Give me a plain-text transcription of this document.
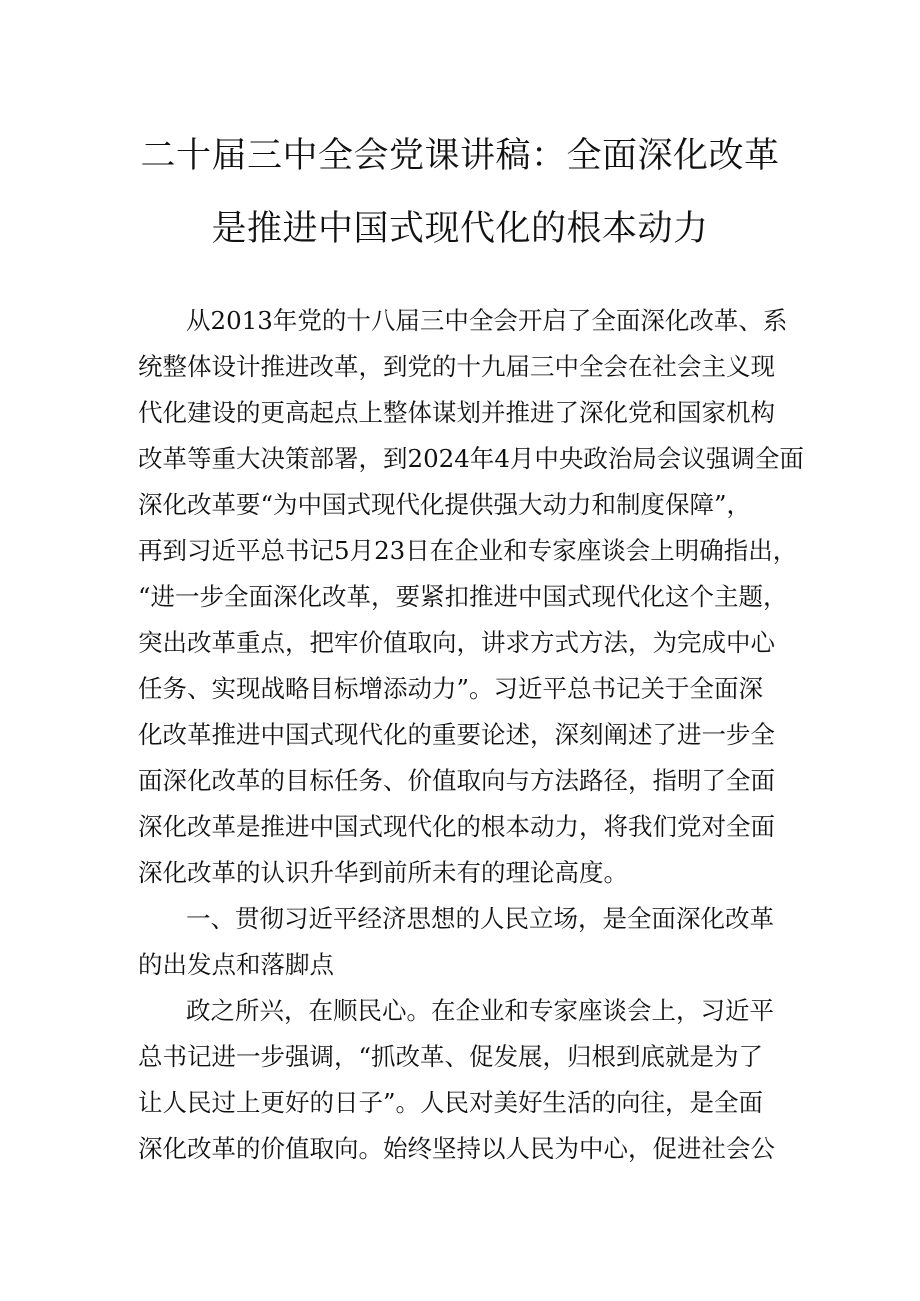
二十届三中全会党课讲稿：全面深化改革
是推进中国式现代化的根本动力
从2013年党的十八届三中全会开启了全面深化改革、系
统整体设计推进改革，到党的十九届三中全会在社会主义现
代化建设的更高起点上整体谋划并推进了深化党和国家机构
改革等重大决策部署，到2024年4月中央政治局会议强调全面
深化改革要“为中国式现代化提供强大动力和制度保障”，
再到习近平总书记5月23日在企业和专家座谈会上明确指出，
“进一步全面深化改革，要紧扣推进中国式现代化这个主题，
突出改革重点，把牢价值取向，讲求方式方法，为完成中心
任务、实现战略目标增添动力”。习近平总书记关于全面深
化改革推进中国式现代化的重要论述，深刻阐述了进一步全
面深化改革的目标任务、价值取向与方法路径，指明了全面
深化改革是推进中国式现代化的根本动力，将我们党对全面
深化改革的认识升华到前所未有的理论高度。
一、贯彻习近平经济思想的人民立场，是全面深化改革
的出发点和落脚点
政之所兴，在顺民心。在企业和专家座谈会上，习近平
总书记进一步强调，“抓改革、促发展，归根到底就是为了
让人民过上更好的日子”。人民对美好生活的向往，是全面
深化改革的价值取向。始终坚持以人民为中心，促进社会公
